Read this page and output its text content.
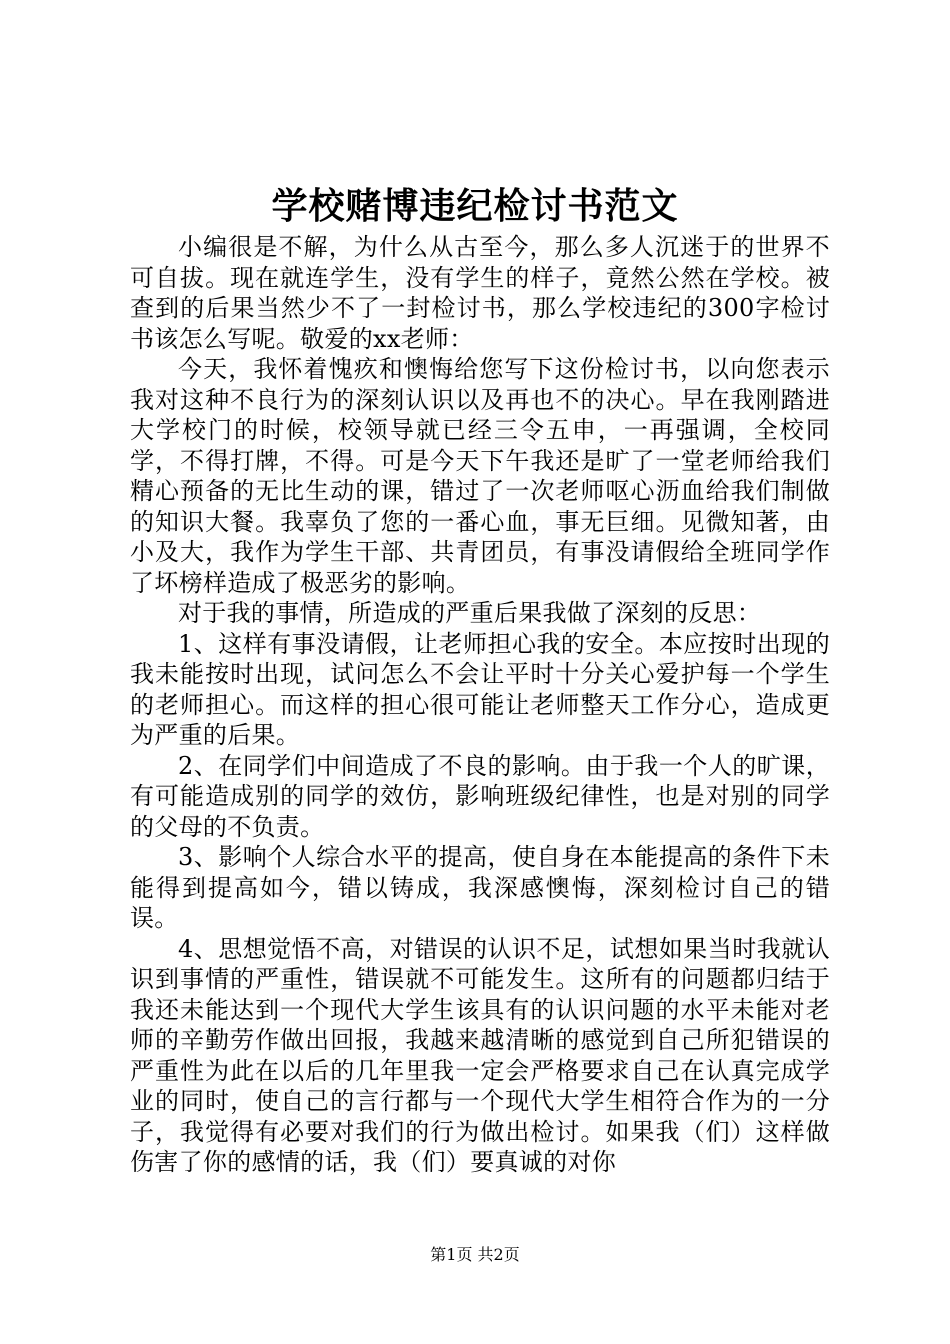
学校赌博违纪检讨书范文

小编很是不解，为什么从古至今，那么多人沉迷于的世界不可自拔。现在就连学生，没有学生的样子，竟然公然在学校。被查到的后果当然少不了一封检讨书，那么学校违纪的300字检讨书该怎么写呢。敬爱的xx老师：

今天，我怀着愧疚和懊悔给您写下这份检讨书，以向您表示我对这种不良行为的深刻认识以及再也不的决心。早在我刚踏进大学校门的时候，校领导就已经三令五申，一再强调，全校同学，不得打牌，不得。可是今天下午我还是旷了一堂老师给我们精心预备的无比生动的课，错过了一次老师呕心沥血给我们制做的知识大餐。我辜负了您的一番心血，事无巨细。见微知著，由小及大，我作为学生干部、共青团员，有事没请假给全班同学作了坏榜样造成了极恶劣的影响。

对于我的事情，所造成的严重后果我做了深刻的反思：

1、这样有事没请假，让老师担心我的安全。本应按时出现的我未能按时出现，试问怎么不会让平时十分关心爱护每一个学生的老师担心。而这样的担心很可能让老师整天工作分心，造成更为严重的后果。

2、在同学们中间造成了不良的影响。由于我一个人的旷课，有可能造成别的同学的效仿，影响班级纪律性，也是对别的同学的父母的不负责。

3、影响个人综合水平的提高，使自身在本能提高的条件下未能得到提高如今，错以铸成，我深感懊悔，深刻检讨自己的错误。

4、思想觉悟不高，对错误的认识不足，试想如果当时我就认识到事情的严重性，错误就不可能发生。这所有的问题都归结于我还未能达到一个现代大学生该具有的认识问题的水平未能对老师的辛勤劳作做出回报，我越来越清晰的感觉到自己所犯错误的严重性为此在以后的几年里我一定会严格要求自己在认真完成学业的同时，使自己的言行都与一个现代大学生相符合作为的一分子，我觉得有必要对我们的行为做出检讨。如果我（们）这样做伤害了你的感情的话，我（们）要真诚的对你

第1页 共2页
